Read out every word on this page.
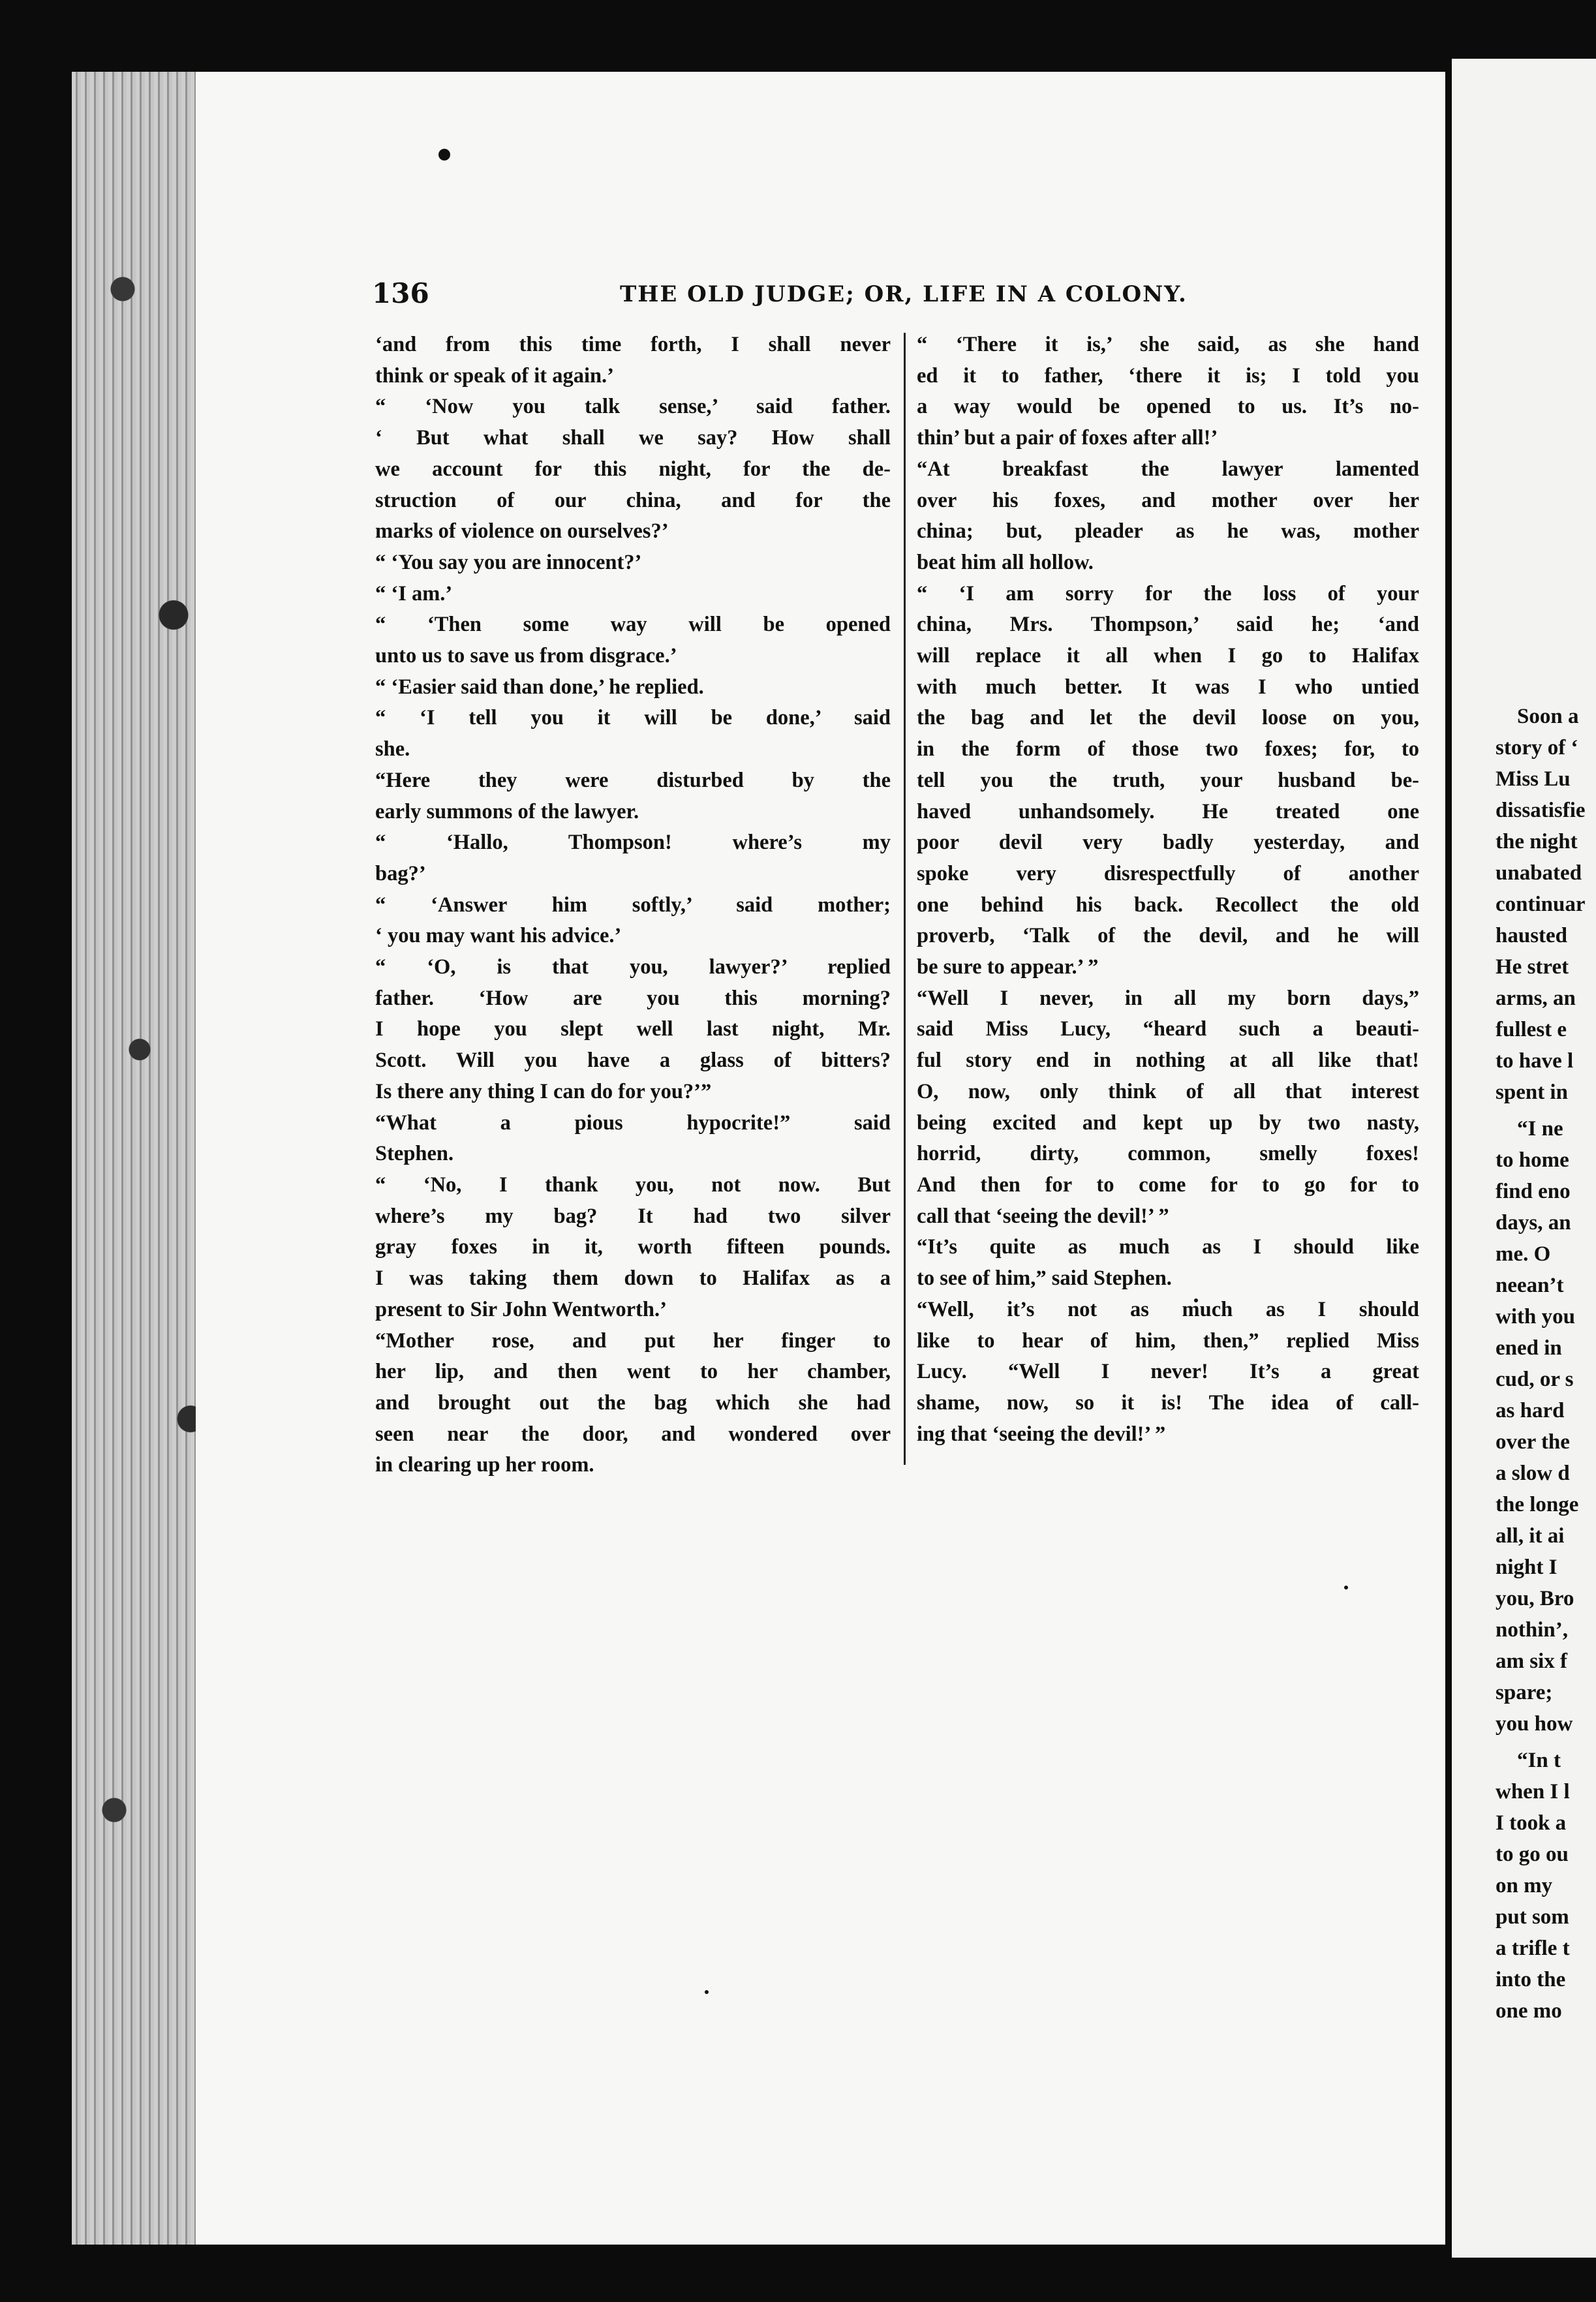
136	THE OLD JUDGE; OR, LIFE IN A COLONY.
‘and from this time forth, I shall never
think or speak of it again.’
“ ‘Now you talk sense,’ said father.
‘ But what shall we say? How shall
we account for this night, for the de-
struction of our china, and for the
marks of violence on ourselves?’
“ ‘You say you are innocent?’
“ ‘I am.’
“ ‘Then some way will be opened
unto us to save us from disgrace.’
“ ‘Easier said than done,’ he replied.
“ ‘I tell you it will be done,’ said
she.
“Here they were disturbed by the
early summons of the lawyer.
“ ‘Hallo, Thompson! where’s my
bag?’
“ ‘Answer him softly,’ said mother;
‘ you may want his advice.’
“ ‘O, is that you, lawyer?’ replied
father. ‘How are you this morning?
I hope you slept well last night, Mr.
Scott. Will you have a glass of bitters?
Is there any thing I can do for you?’”
“What a pious hypocrite!” said
Stephen.
“ ‘No, I thank you, not now. But
where’s my bag? It had two silver
gray foxes in it, worth fifteen pounds.
I was taking them down to Halifax as a
present to Sir John Wentworth.’
“Mother rose, and put her finger to
her lip, and then went to her chamber,
and brought out the bag which she had
seen near the door, and wondered over
in clearing up her room.
“ ‘There it is,’ she said, as she hand
ed it to father, ‘there it is; I told you
a way would be opened to us. It’s no-
thin’ but a pair of foxes after all!’
“At breakfast the lawyer lamented
over his foxes, and mother over her
china; but, pleader as he was, mother
beat him all hollow.
“ ‘I am sorry for the loss of your
china, Mrs. Thompson,’ said he; ‘and
will replace it all when I go to Halifax
with much better. It was I who untied
the bag and let the devil loose on you,
in the form of those two foxes; for, to
tell you the truth, your husband be-
haved unhandsomely. He treated one
poor devil very badly yesterday, and
spoke very disrespectfully of another
one behind his back. Recollect the old
proverb, ‘Talk of the devil, and he will
be sure to appear.’ ”
“Well I never, in all my born days,”
said Miss Lucy, “heard such a beauti-
ful story end in nothing at all like that!
O, now, only think of all that interest
being excited and kept up by two nasty,
horrid, dirty, common, smelly foxes!
And then for to come for to go for to
call that ‘seeing the devil!’ ”
“It’s quite as much as I should like
to see of him,” said Stephen.
“Well, it’s not as much as I should
like to hear of him, then,” replied Miss
Lucy. “Well I never! It’s a great
shame, now, so it is! The idea of call-
ing that ‘seeing the devil!’ ”
Soon a
story of ‘
Miss Lu
dissatisfie
the night
unabated
continuar
hausted
He stret
arms, an
fullest e
to have l
spent in
“I ne
to home
find eno
days, an
me. O
neean’t
with you
ened in
cud, or s
as hard
over the
a slow d
the longe
all, it ai
night I
you, Bro
nothin’,
am six f
spare;
you how
“In t
when I l
I took a
to go ou
on my
put som
a trifle t
into the
one mo
